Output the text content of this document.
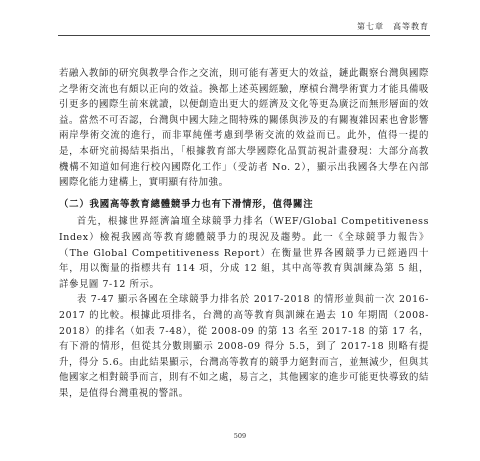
第七章　高等教育

若融入教師的研究與教學合作之交流，則可能有著更大的效益，鏈此觀察台灣與國際之學術交流也有頗以正向的效益。換都上述英國經驗，摩槓台灣學術實力才能具備吸引更多的國際生前來就讀，以便創造出更大的經濟及文化等更為廣泛而無形層面的效益。當然不可否認，台灣與中國大陸之間特殊的關係與涉及的有關複雜因素也會影響兩岸學術交流的進行，而非單純僅考慮到學術交流的效益而已。此外，值得一提的是，本研究前揭結果指出，「根據教育部大學國際化品質訪視計畫發現：大部分高教機構不知道如何進行校內國際化工作」（受訪者 No. 2），顯示出我國各大學在內部國際化能力建構上，實明顯有待加強。

（二）我國高等教育總體競爭力也有下滑情形，值得關注

首先，根據世界經濟論壇全球競爭力排名（WEF/Global Competitiveness Index）檢視我國高等教育總體競爭力的現況及趨勢。此一《全球競爭力報告》（The Global Competitiveness Report）在衡量世界各國競爭力已經過四十年，用以衡量的指標共有 114 項，分成 12 組，其中高等教育與訓練為第 5 組，詳參見圖 7-12 所示。

表 7-47 顯示各國在全球競爭力排名於 2017-2018 的情形並與前一次 2016-2017 的比較。根據此項排名，台灣的高等教育與訓練在過去 10 年期間（2008-2018）的排名（如表 7-48），從 2008-09 的第 13 名至 2017-18 的第 17 名，有下滑的情形，但從其分數則顯示 2008-09 得分 5.5，到了 2017-18 則略有提升，得分 5.6。由此結果顯示，台灣高等教育的競爭力絕對而言，並無減少，但與其他國家之相對競爭而言，則有不如之處，易言之，其他國家的進步可能更快導致的結果，是值得台灣重視的警訊。

509
